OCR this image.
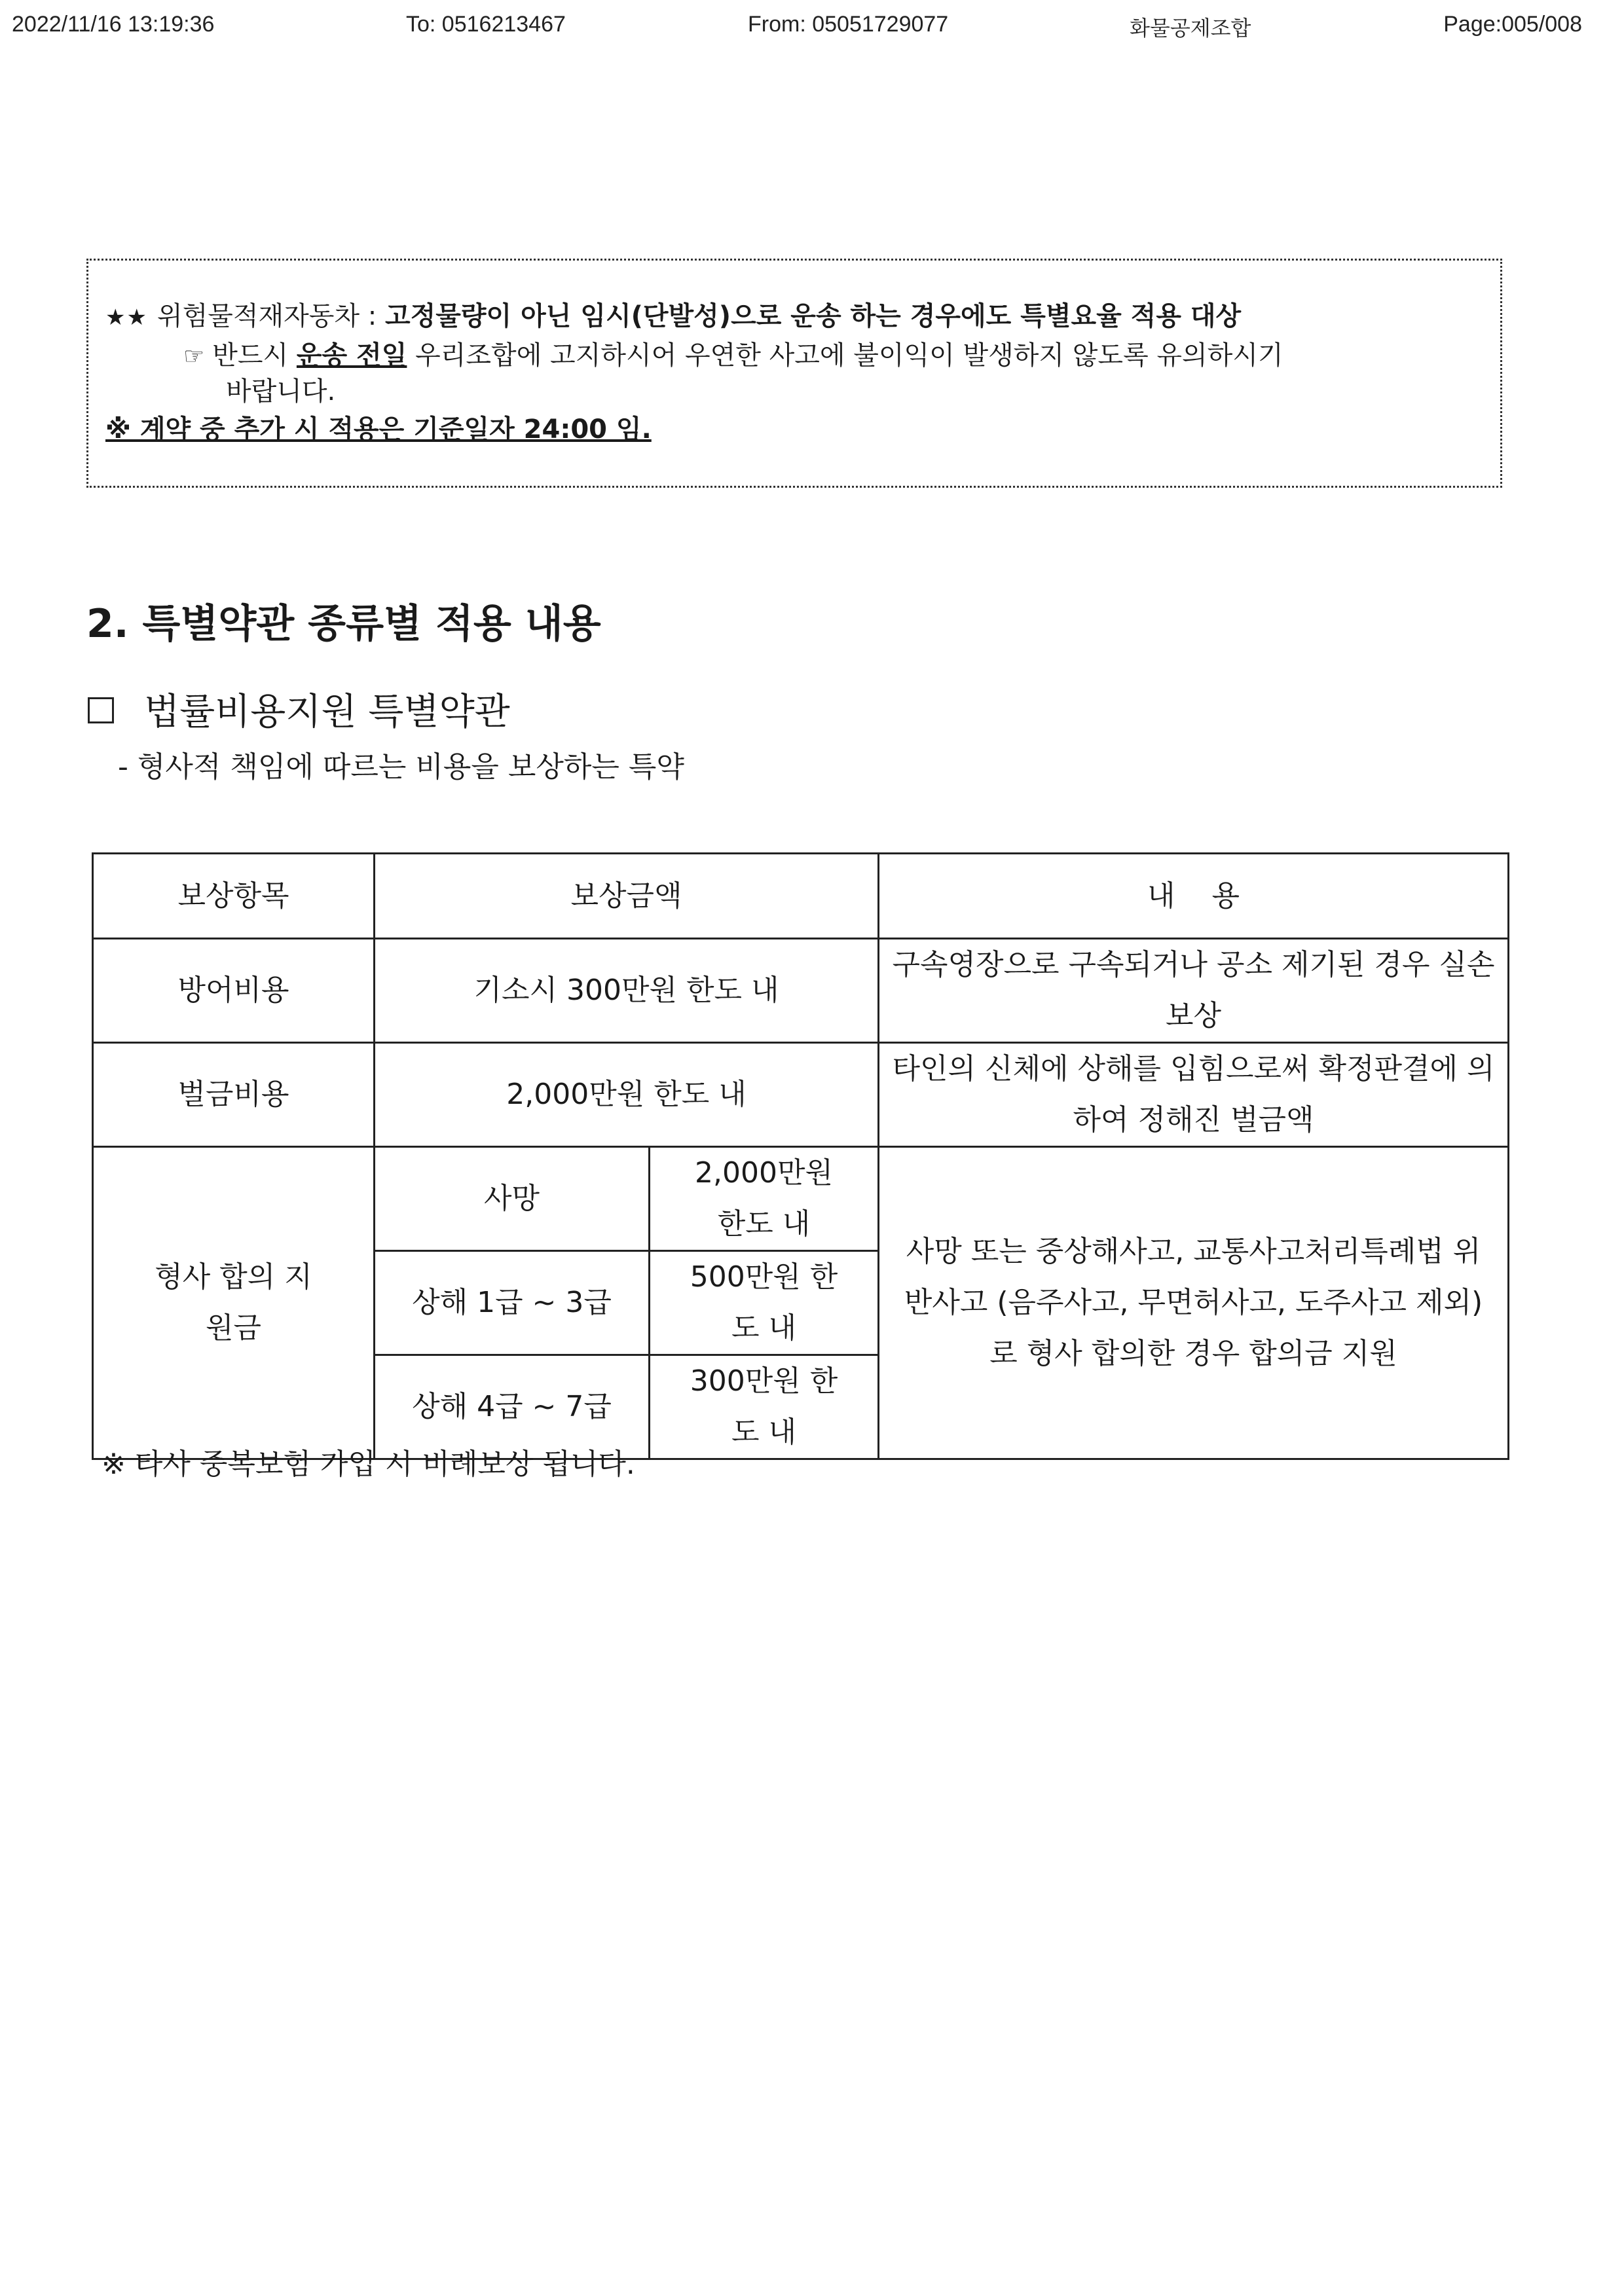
2022/11/16 13:19:36	To: 0516213467	From: 05051729077	화물공제조합	Page:005/008
★★ 위험물적재자동차 : 고정물량이 아닌 임시(단발성)으로 운송 하는 경우에도 특별요율 적용 대상
☞ 반드시 운송 전일 우리조합에 고지하시어 우연한 사고에 불이익이 발생하지 않도록 유의하시기
바랍니다.
※ 계약 중 추가 시 적용은 기준일자 24:00 임.
2. 특별약관 종류별 적용 내용
법률비용지원 특별약관
- 형사적 책임에 따르는 비용을 보상하는 특약
보상항목	보상금액		내    용
방어비용	기소시 300만원 한도 내		구속영장으로 구속되거나 공소 제기된 경우 실손 보상
벌금비용	2,000만원 한도 내		타인의 신체에 상해를 입힘으로써 확정판결에 의하여 정해진 벌금액
형사 합의 지원금	사망	2,000만원 한도 내	사망 또는 중상해사고, 교통사고처리특례법 위반사고 (음주사고, 무면허사고, 도주사고 제외) 로 형사 합의한 경우 합의금 지원
	상해 1급 ~ 3급	500만원 한도 내	
	상해 4급 ~ 7급	300만원 한도 내	
※ 타사 중복보험 가입 시 비례보상 됩니다.
